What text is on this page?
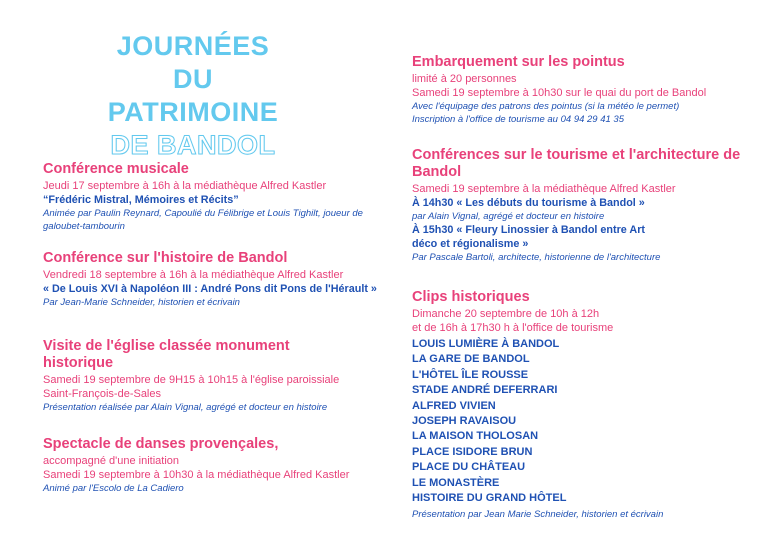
JOURNÉES
DU PATRIMOINE
DE BANDOL
Conférence musicale
Jeudi 17 septembre à 16h à la médiathèque Alfred Kastler
“Frédéric Mistral, Mémoires et Récits”
Animée par Paulin Reynard, Capoulié du Félibrige et Louis Tighilt, joueur de galoubet-tambourin
Conférence sur l'histoire de Bandol
Vendredi 18 septembre à 16h à la médiathèque Alfred Kastler
« De Louis XVI à Napoléon III : André Pons dit Pons de l'Hérault »
Par Jean-Marie Schneider, historien et écrivain
Visite de l'église classée monument historique
Samedi 19 septembre de 9H15 à 10h15 à l'église paroissiale Saint-François-de-Sales
Présentation réalisée par Alain Vignal, agrégé et docteur en histoire
Spectacle de danses provençales,
accompagné d'une initiation
Samedi 19 septembre à 10h30 à la médiathèque Alfred Kastler
Animé par l'Escolo de La Cadiero
Embarquement sur les pointus
limité à 20 personnes
Samedi 19 septembre à 10h30 sur le quai du port de Bandol
Avec l'équipage des patrons des pointus (si la météo le permet)
Inscription à l'office de tourisme au 04 94 29 41 35
Conférences sur le tourisme et l'architecture de Bandol
Samedi 19 septembre à la médiathèque Alfred Kastler
À 14h30 « Les débuts du tourisme à Bandol »
par Alain Vignal, agrégé et docteur en histoire
À 15h30 « Fleury Linossier à Bandol entre Art déco et régionalisme »
Par Pascale Bartoli, architecte, historienne de l'architecture
Clips historiques
Dimanche 20 septembre de 10h à 12h
et de 16h à 17h30 h à l'office de tourisme
LOUIS LUMIÈRE À BANDOL
LA GARE DE BANDOL
L'HÔTEL ÎLE ROUSSE
STADE ANDRÉ DEFERRARI
ALFRED VIVIEN
JOSEPH RAVAISOU
LA MAISON THOLOSAN
PLACE ISIDORE BRUN
PLACE DU CHÂTEAU
LE MONASTÈRE
HISTOIRE DU GRAND HÔTEL
Présentation par Jean Marie Schneider, historien et écrivain
